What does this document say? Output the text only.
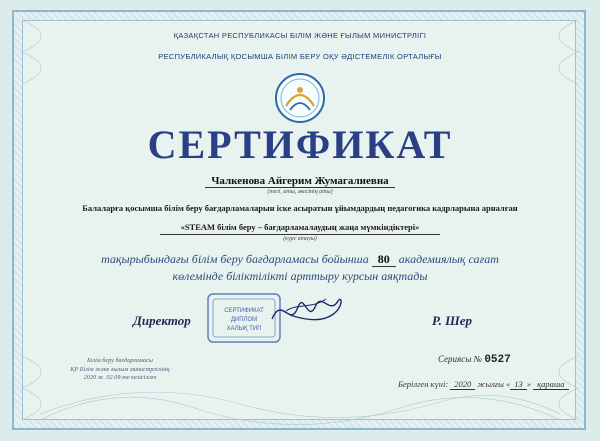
ҚАЗАҚСТАН РЕСПУБЛИКАСЫ БІЛІМ ЖӘНЕ ҒЫЛЫМ МИНИСТРЛІГІ
РЕСПУБЛИКАЛЫҚ ҚОСЫМША БІЛІМ БЕРУ ОҚУ ӘДІСТЕМЕЛІК ОРТАЛЫҒЫ
СЕРТИФИКАТ
Чалкенова Айгерим Жумагалиевна
(тегі, аты, әкесінің аты)
Балаларға қосымша білім беру бағдарламаларын іске асыратын ұйымдардың педагогика кадрларына арналған
«STEAM білім беру – бағдарламалаудың жаңа мүмкіндіктері»
(курс атауы)
тақырыбындағы білім беру бағдарламасы бойынша 80 академиялық сағат
көлемінде біліктілікті арттыру курсын аяқтады
Директор
СЕРТИФИКАТ
ДИПЛОМ
ХАЛЫҚ ТИП
Р. Шер
Білім беру бағдарламасы
ҚР Білім және ғылым министрлігінің
2020 ж. 02.09-те келісілген
Сериясы № 0527
Берілген күні: 2020 жылғы « 13 » қараша
